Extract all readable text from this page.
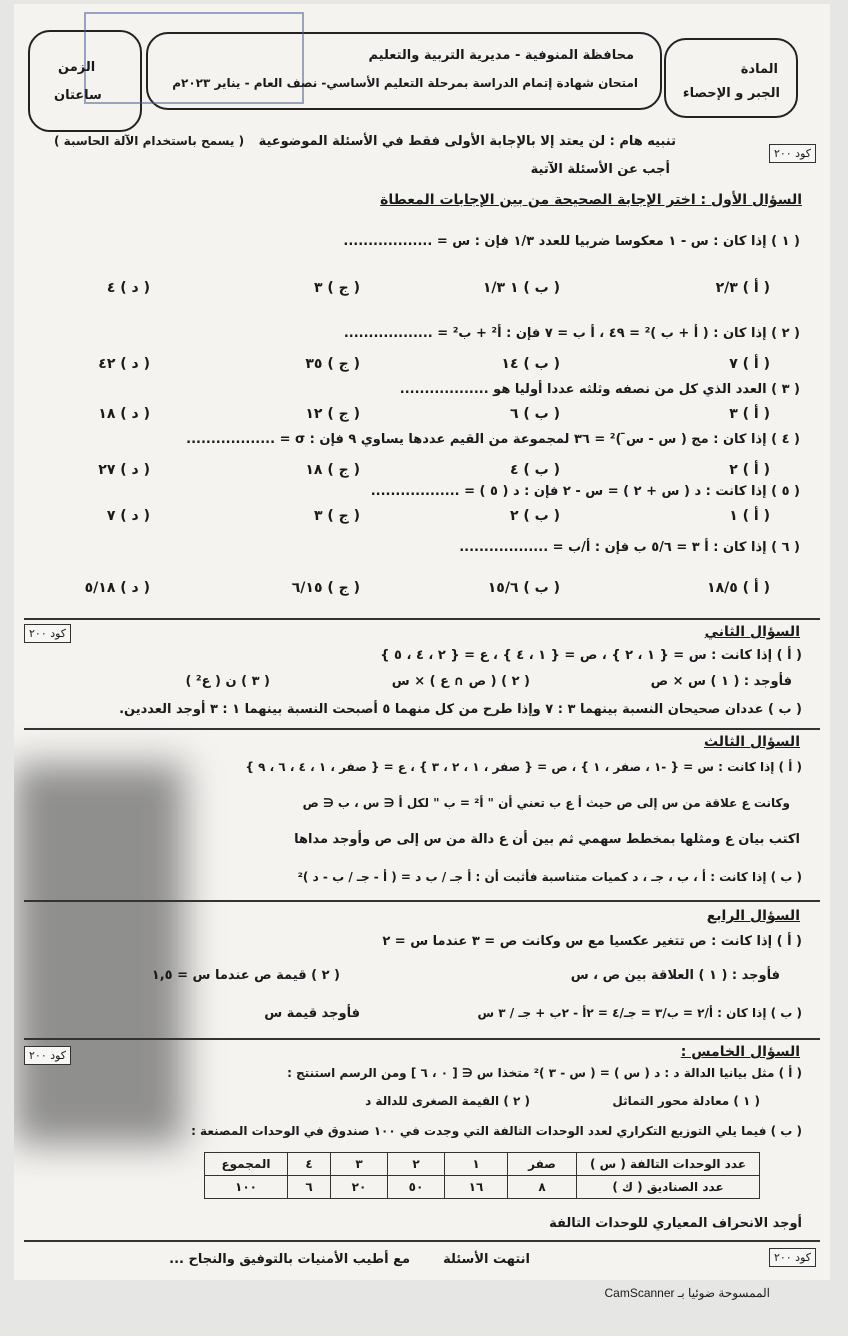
محافظة المنوفية - مديرية التربية والتعليم
امتحان شهادة إتمام الدراسة بمرحلة التعليم الأساسي- نصف العام - يناير ٢٠٢٣م
المادة
الجبر و الإحصاء
الزمن
ساعتان
تنبيه هام : لن يعتد إلا بالإجابة الأولى فقط في الأسئلة الموضوعية
( يسمح باستخدام الآلة الحاسبة )
كود ٢٠٠
أجب عن الأسئلة الآتية
السؤال الأول : اختر الإجابة الصحيحة من بين الإجابات المعطاة
( ١ ) إذا كان : س - ١ معكوسا ضربيا للعدد ١/٣ فإن : س = ..................
( أ ) ٢/٣
( ب ) ١ ١/٣
( ج ) ٣
( د ) ٤
( ٢ ) إذا كان : ( أ + ب )² = ٤٩ ، أ ب = ٧ فإن : أ² + ب² = ..................
( أ ) ٧
( ب ) ١٤
( ج ) ٣٥
( د ) ٤٢
( ٣ ) العدد الذي كل من نصفه وثلثه عددا أوليا هو ..................
( أ ) ٣
( ب ) ٦
( ج ) ١٢
( د ) ١٨
( ٤ ) إذا كان : مج ( س - س̄ )² = ٣٦ لمجموعة من القيم عددها يساوي ٩ فإن : σ = ..................
( أ ) ٢
( ب ) ٤
( ج ) ١٨
( د ) ٢٧
( ٥ ) إذا كانت : د ( س + ٢ ) = س - ٢ فإن : د ( ٥ ) = ..................
( أ ) ١
( ب ) ٢
( ج ) ٣
( د ) ٧
( ٦ ) إذا كان : أ ٣ = ٥/٦ ب فإن : أ/ب = ..................
( أ ) ١٨/٥
( ب ) ١٥/٦
( ج ) ٦/١٥
( د ) ٥/١٨
كود ٢٠٠	السؤال الثاني
( أ ) إذا كانت : س = { ١ ، ٢ } ، ص = { ١ ، ٤ } ، ع = { ٢ ، ٤ ، ٥ }
فأوجد : ( ١ ) س × ص
( ٢ ) ( ص ∩ ع ) × س
( ٣ ) ن ( ع² )
( ب ) عددان صحيحان النسبة بينهما ٣ : ٧ وإذا طرح من كل منهما ٥ أصبحت النسبة بينهما ١ : ٣ أوجد العددين.
السؤال الثالث
( أ ) إذا كانت : س = { -١ ، صفر ، ١ } ، ص = { صفر ، ١ ، ٢ ، ٣ } ، ع = { صفر ، ١ ، ٤ ، ٦ ، ٩ }
وكانت ع علاقة من س إلى ص حيث أ ع ب تعني أن " أ² = ب " لكل أ ∈ س ، ب ∈ ص
اكتب بيان ع ومثلها بمخطط سهمي ثم بين أن ع دالة من س إلى ص وأوجد مداها
( ب ) إذا كانت : أ ، ب ، جـ ، د كميات متناسبة فأثبت أن : أ جـ / ب د = ( أ - جـ / ب - د )²
السؤال الرابع
( أ ) إذا كانت : ص تتغير عكسيا مع س وكانت ص = ٣ عندما س = ٢
فأوجد : ( ١ ) العلاقة بين ص ، س
( ٢ ) قيمة ص عندما س = ١,٥
( ب ) إذا كان : أ/٢ = ب/٣ = جـ/٤ = ٢أ - ٢ب + جـ / ٣ س
فأوجد قيمة س
كود ٢٠٠	السؤال الخامس :
( أ ) مثل بيانيا الدالة د : د ( س ) = ( س - ٣ )² متخذا س ∈ [ ٠ ، ٦ ] ومن الرسم استنتج :
( ١ ) معادلة محور التماثل
( ٢ ) القيمة الصغرى للدالة د
( ب ) فيما يلي التوزيع التكراري لعدد الوحدات التالفة التي وجدت في ١٠٠ صندوق في الوحدات المصنعة :
عدد الوحدات التالفة ( س )	صفر	١	٢	٣	٤	المجموع
عدد الصناديق ( ك )	٨	١٦	٥٠	٢٠	٦	١٠٠
أوجد الانحراف المعياري للوحدات التالفة
انتهت الأسئلة
مع أطيب الأمنيات بالتوفيق والنجاح ...	كود ٢٠٠
الممسوحة ضوئيا بـ CamScanner
